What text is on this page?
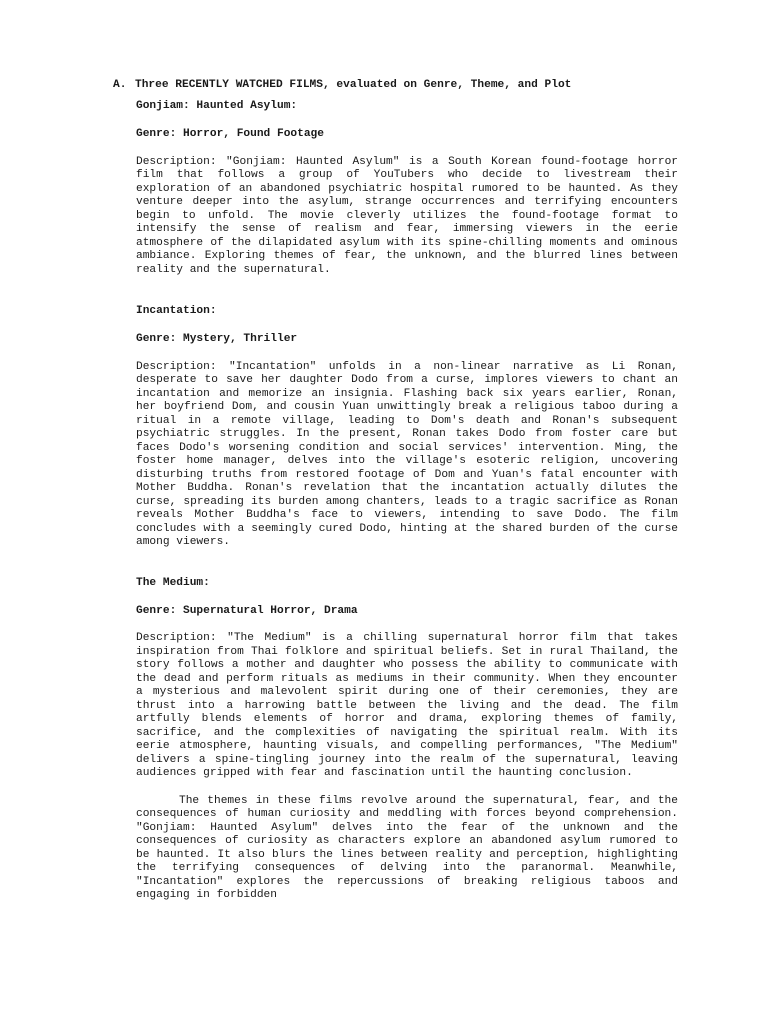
A. Three RECENTLY WATCHED FILMS, evaluated on Genre, Theme, and Plot

Gonjiam: Haunted Asylum:

Genre: Horror, Found Footage

Description: "Gonjiam: Haunted Asylum" is a South Korean found-footage horror film that follows a group of YouTubers who decide to livestream their exploration of an abandoned psychiatric hospital rumored to be haunted. As they venture deeper into the asylum, strange occurrences and terrifying encounters begin to unfold. The movie cleverly utilizes the found-footage format to intensify the sense of realism and fear, immersing viewers in the eerie atmosphere of the dilapidated asylum with its spine-chilling moments and ominous ambiance. Exploring themes of fear, the unknown, and the blurred lines between reality and the supernatural.

Incantation:

Genre: Mystery, Thriller

Description: "Incantation" unfolds in a non-linear narrative as Li Ronan, desperate to save her daughter Dodo from a curse, implores viewers to chant an incantation and memorize an insignia. Flashing back six years earlier, Ronan, her boyfriend Dom, and cousin Yuan unwittingly break a religious taboo during a ritual in a remote village, leading to Dom's death and Ronan's subsequent psychiatric struggles. In the present, Ronan takes Dodo from foster care but faces Dodo's worsening condition and social services' intervention. Ming, the foster home manager, delves into the village's esoteric religion, uncovering disturbing truths from restored footage of Dom and Yuan's fatal encounter with Mother Buddha. Ronan's revelation that the incantation actually dilutes the curse, spreading its burden among chanters, leads to a tragic sacrifice as Ronan reveals Mother Buddha's face to viewers, intending to save Dodo. The film concludes with a seemingly cured Dodo, hinting at the shared burden of the curse among viewers.

The Medium:

Genre: Supernatural Horror, Drama

Description: "The Medium" is a chilling supernatural horror film that takes inspiration from Thai folklore and spiritual beliefs. Set in rural Thailand, the story follows a mother and daughter who possess the ability to communicate with the dead and perform rituals as mediums in their community. When they encounter a mysterious and malevolent spirit during one of their ceremonies, they are thrust into a harrowing battle between the living and the dead. The film artfully blends elements of horror and drama, exploring themes of family, sacrifice, and the complexities of navigating the spiritual realm. With its eerie atmosphere, haunting visuals, and compelling performances, "The Medium" delivers a spine-tingling journey into the realm of the supernatural, leaving audiences gripped with fear and fascination until the haunting conclusion.

The themes in these films revolve around the supernatural, fear, and the consequences of human curiosity and meddling with forces beyond comprehension. "Gonjiam: Haunted Asylum" delves into the fear of the unknown and the consequences of curiosity as characters explore an abandoned asylum rumored to be haunted. It also blurs the lines between reality and perception, highlighting the terrifying consequences of delving into the paranormal. Meanwhile, "Incantation" explores the repercussions of breaking religious taboos and engaging in forbidden
